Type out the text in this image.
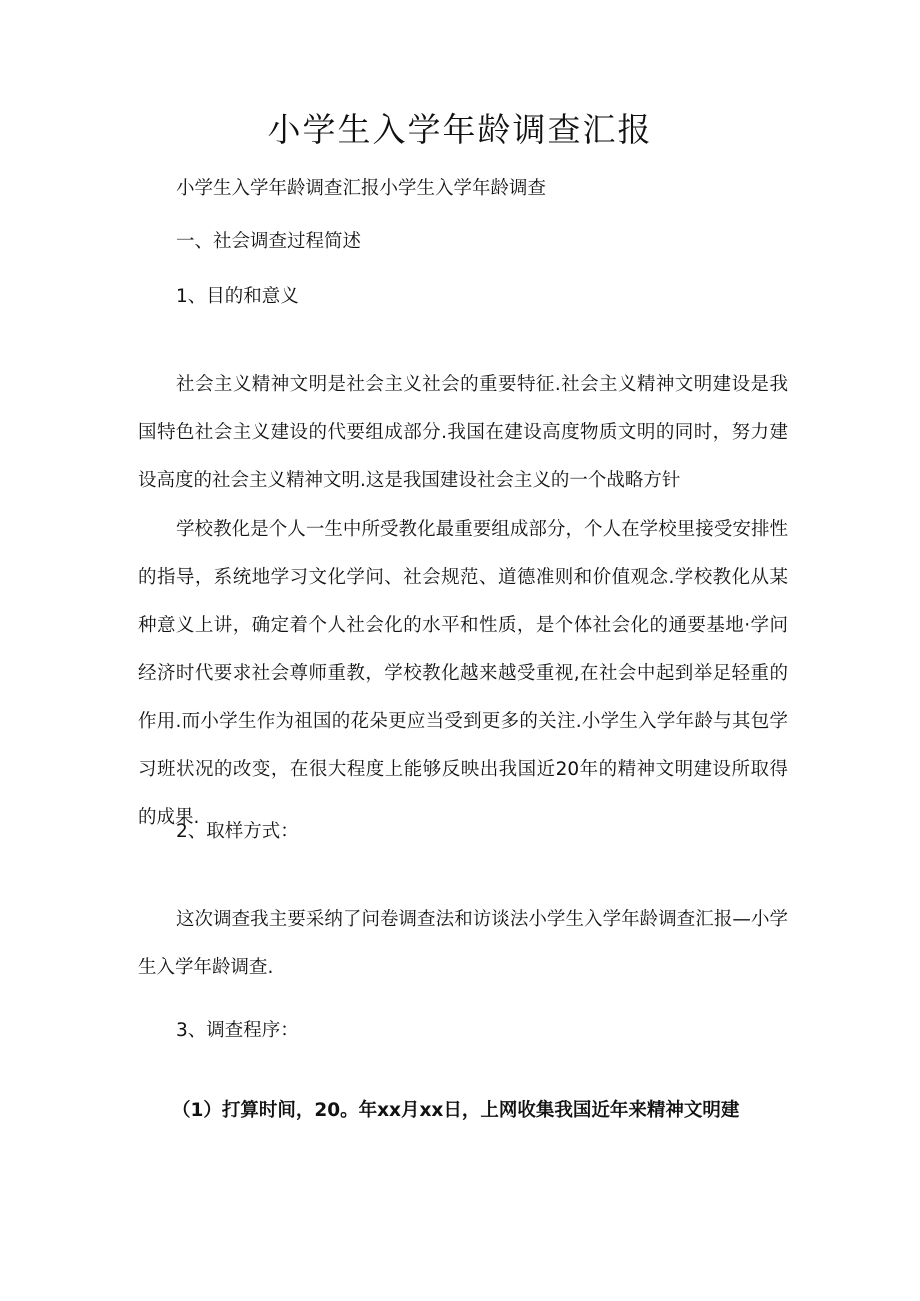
小学生入学年龄调查汇报
小学生入学年龄调查汇报小学生入学年龄调查
一、社会调查过程简述
1、目的和意义

社会主义精神文明是社会主义社会的重要特征.社会主义精神文明建设是我国特色社会主义建设的代要组成部分.我国在建设高度物质文明的同时，努力建设高度的社会主义精神文明.这是我国建设社会主义的一个战略方针

学校教化是个人一生中所受教化最重要组成部分，个人在学校里接受安排性的指导，系统地学习文化学问、社会规范、道德准则和价值观念.学校教化从某种意义上讲，确定着个人社会化的水平和性质，是个体社会化的通要基地·学问经济时代要求社会尊师重教，学校教化越来越受重视,在社会中起到举足轻重的作用.而小学生作为祖国的花朵更应当受到更多的关注.小学生入学年龄与其包学习班状况的改变，在很大程度上能够反映出我国近20年的精神文明建设所取得的成果.

2、取样方式：

这次调查我主要采纳了问卷调查法和访谈法小学生入学年龄调查汇报—小学生入学年龄调查.

3、调查程序：
（1）打算时间，20。年xx月xx日，上网收集我国近年来精神文明建
